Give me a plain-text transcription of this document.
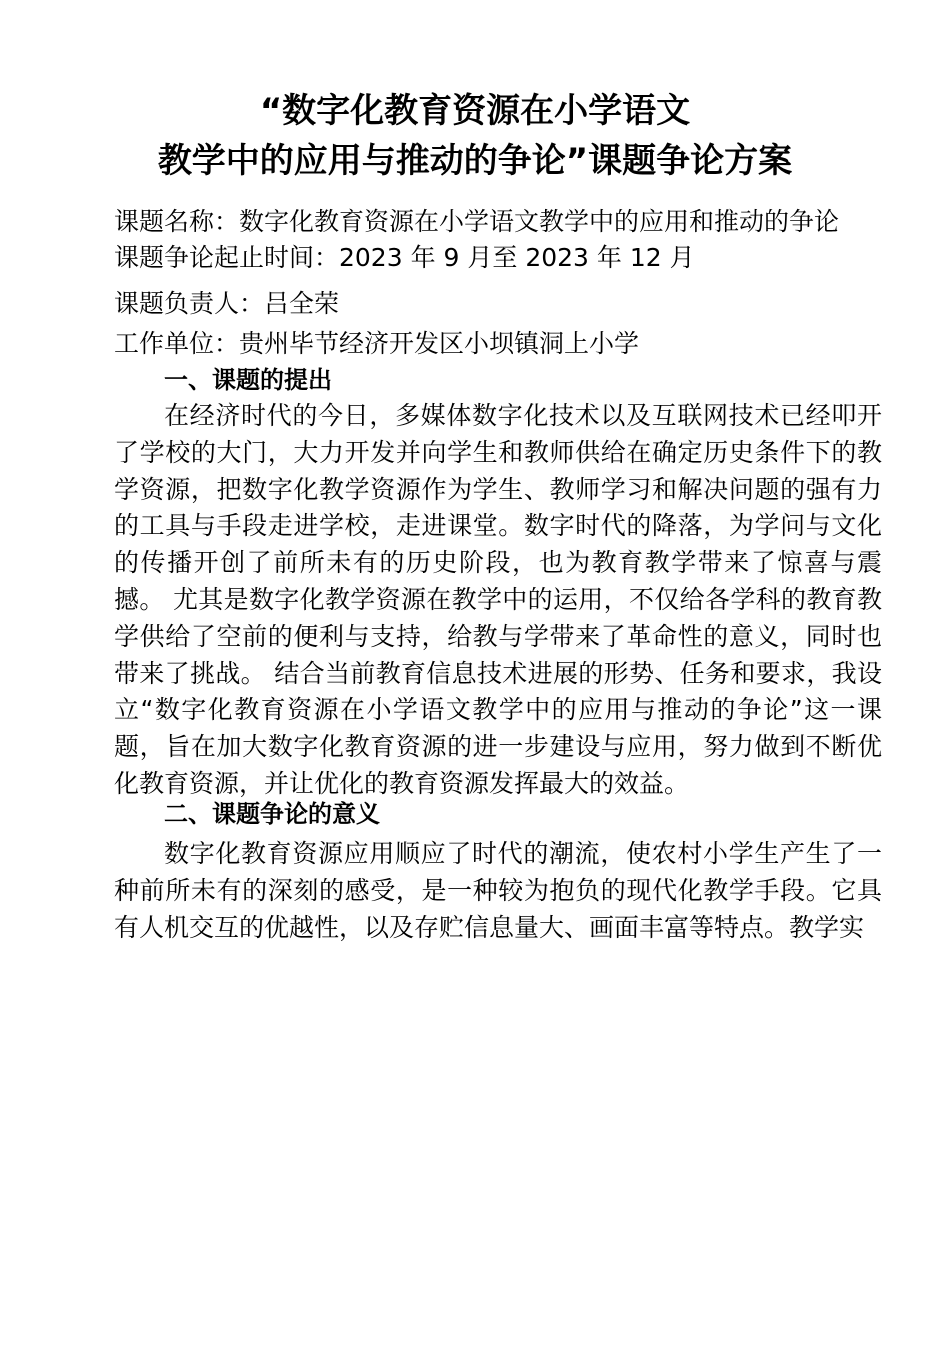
“数字化教育资源在小学语文
教学中的应用与推动的争论”课题争论方案
课题名称：数字化教育资源在小学语文教学中的应用和推动的争论
课题争论起止时间：2023 年 9 月至 2023 年 12 月
课题负责人：吕全荣
工作单位：贵州毕节经济开发区小坝镇洞上小学
一、课题的提出

在经济时代的今日，多媒体数字化技术以及互联网技术已经叩开了学校的大门，大力开发并向学生和教师供给在确定历史条件下的教学资源，把数字化教学资源作为学生、教师学习和解决问题的强有力的工具与手段走进学校，走进课堂。数字时代的降落，为学问与文化的传播开创了前所未有的历史阶段，也为教育教学带来了惊喜与震撼。 尤其是数字化教学资源在教学中的运用，不仅给各学科的教育教学供给了空前的便利与支持，给教与学带来了革命性的意义，同时也带来了挑战。 结合当前教育信息技术进展的形势、任务和要求，我设立“数字化教育资源在小学语文教学中的应用与推动的争论”这一课题，旨在加大数字化教育资源的进一步建设与应用，努力做到不断优化教育资源，并让优化的教育资源发挥最大的效益。

二、课题争论的意义

数字化教育资源应用顺应了时代的潮流，使农村小学生产生了一种前所未有的深刻的感受，是一种较为抱负的现代化教学手段。它具有人机交互的优越性，以及存贮信息量大、画面丰富等特点。教学实
